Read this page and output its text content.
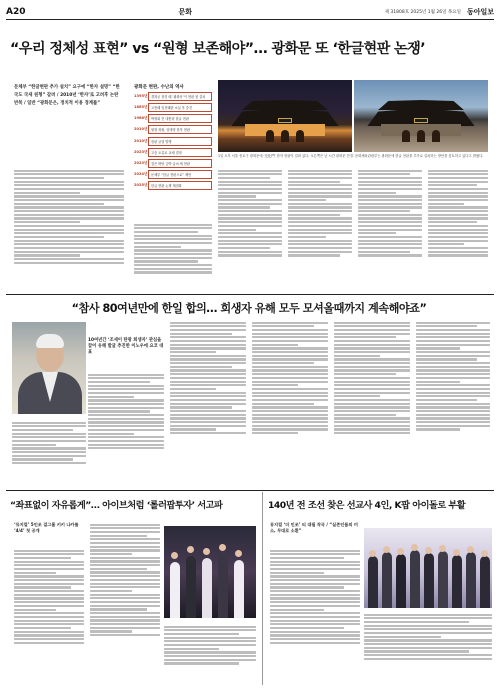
A20	문화	제 31808호 2025년 1월 26일 목요일 동아일보
“우리 정체성 표현” vs “원형 보존해야”… 광화문 또 ‘한글현판 논쟁’
문체부 “한글현판 추가 설치” 요구에 “한자 설명” “한국도 국새 원형” 갈려 / 2010년 ‘한자’로 고려후 논란 반복 / 일반 “광화문은, 정치적 이용 경계를”
광화문 현판, 수난의 역사
1395년	경복궁 창건 때 ‘광화문’이 현판 첫 설치
1865년	고종때 임진왜란 소실 후 중건
1968년	박정희 전 대통령 한글 현판
2010년	원형 복원, 임태영 한자 현판
2010년	현판 균열 발생
2023년	고증 오류로 교체 결정
2023년	검은 바탕 금박 글씨 새 현판
2024년	문체부 “한글 현판으로” 제안
2025년	한글 현판 논쟁 재점화
1일 오후 서울 종로구 광화문에 ‘光化門’ 한자 현판이 걸려 있다. 오른쪽은 낮 시간 광화문 전경. 문화체육관광부는 광화문에 한글 현판을 추가로 설치하는 방안을 검토하고 있다고 밝혔다.
“참사 80여년만에 한일 합의… 희생자 유해 모두 모셔올때까지 계속해야죠”
10여년간 ‘조세이 탄광 희생자’ 관심을 끌어 유해 발굴 추진한 이노우에 요코 대표
“좌표없이 자유롭게”… 아이브처럼 ‘롤러팝투자’ 서고파
‘뮤지컬’ 5인조 걸그룹 키키 나카를 ‘4/4’ 첫 공개
140년 전 조선 찾은 선교사 4인, K팝 아이돌로 부활
뮤지컬 ‘더 인조’ 티 대필 작곡 / “실존인물의 미소, 무대로 소환”
